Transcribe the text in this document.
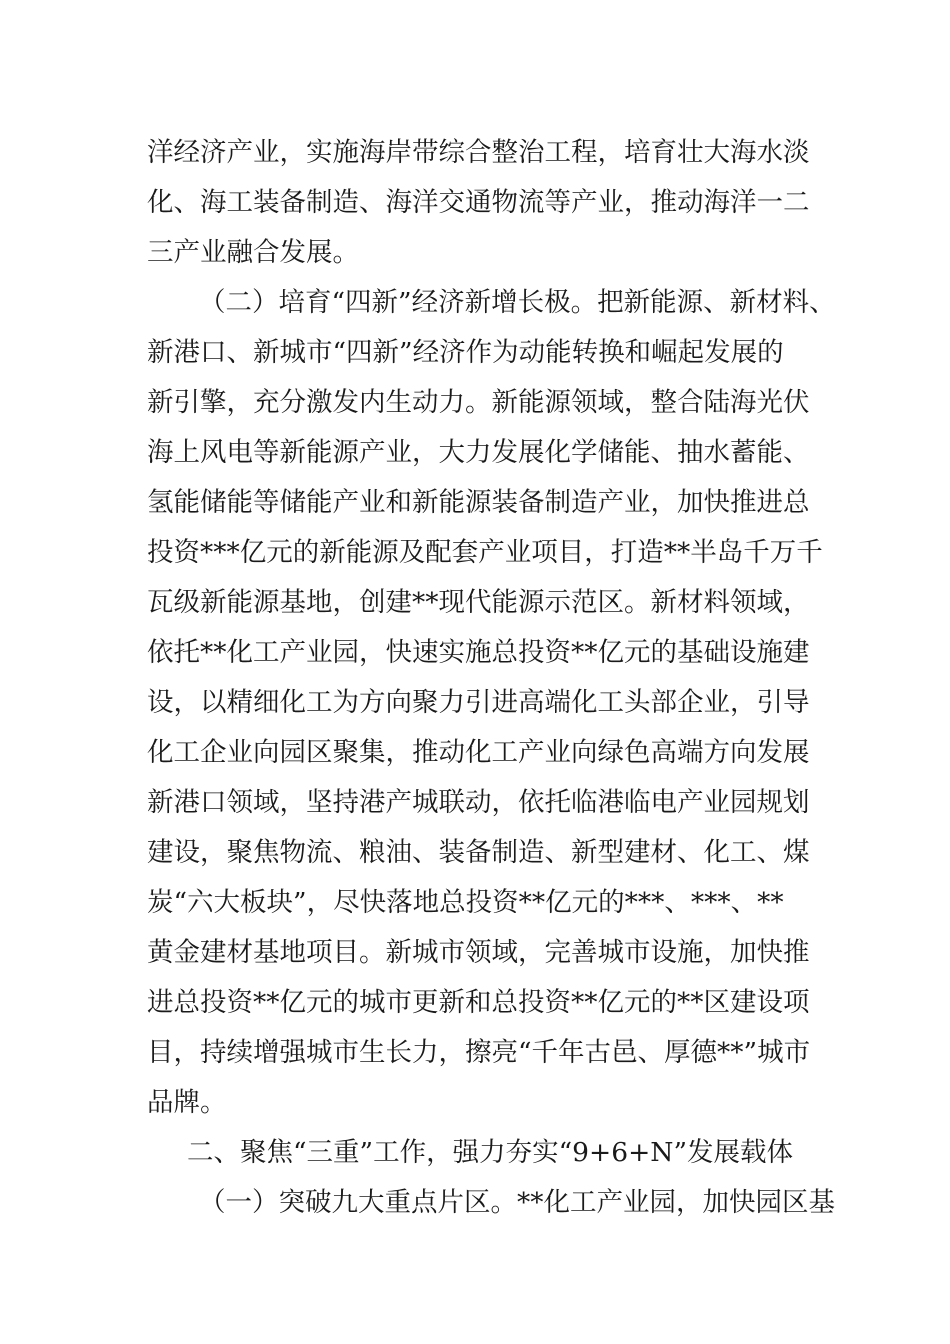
洋经济产业，实施海岸带综合整治工程，培育壮大海水淡
化、海工装备制造、海洋交通物流等产业，推动海洋一二
三产业融合发展。
（二）培育“四新”经济新增长极。把新能源、新材料、
新港口、新城市“四新”经济作为动能转换和崛起发展的
新引擎，充分激发内生动力。新能源领域，整合陆海光伏
海上风电等新能源产业，大力发展化学储能、抽水蓄能、
氢能储能等储能产业和新能源装备制造产业，加快推进总
投资***亿元的新能源及配套产业项目，打造**半岛千万千
瓦级新能源基地，创建**现代能源示范区。新材料领域，
依托**化工产业园，快速实施总投资**亿元的基础设施建
设，以精细化工为方向聚力引进高端化工头部企业，引导
化工企业向园区聚集，推动化工产业向绿色高端方向发展
新港口领域，坚持港产城联动，依托临港临电产业园规划
建设，聚焦物流、粮油、装备制造、新型建材、化工、煤
炭“六大板块”，尽快落地总投资**亿元的***、***、**
黄金建材基地项目。新城市领域，完善城市设施，加快推
进总投资**亿元的城市更新和总投资**亿元的**区建设项
目，持续增强城市生长力，擦亮“千年古邑、厚德**”城市
品牌。
二、聚焦“三重”工作，强力夯实“9+6+N”发展载体
（一）突破九大重点片区。**化工产业园，加快园区基
